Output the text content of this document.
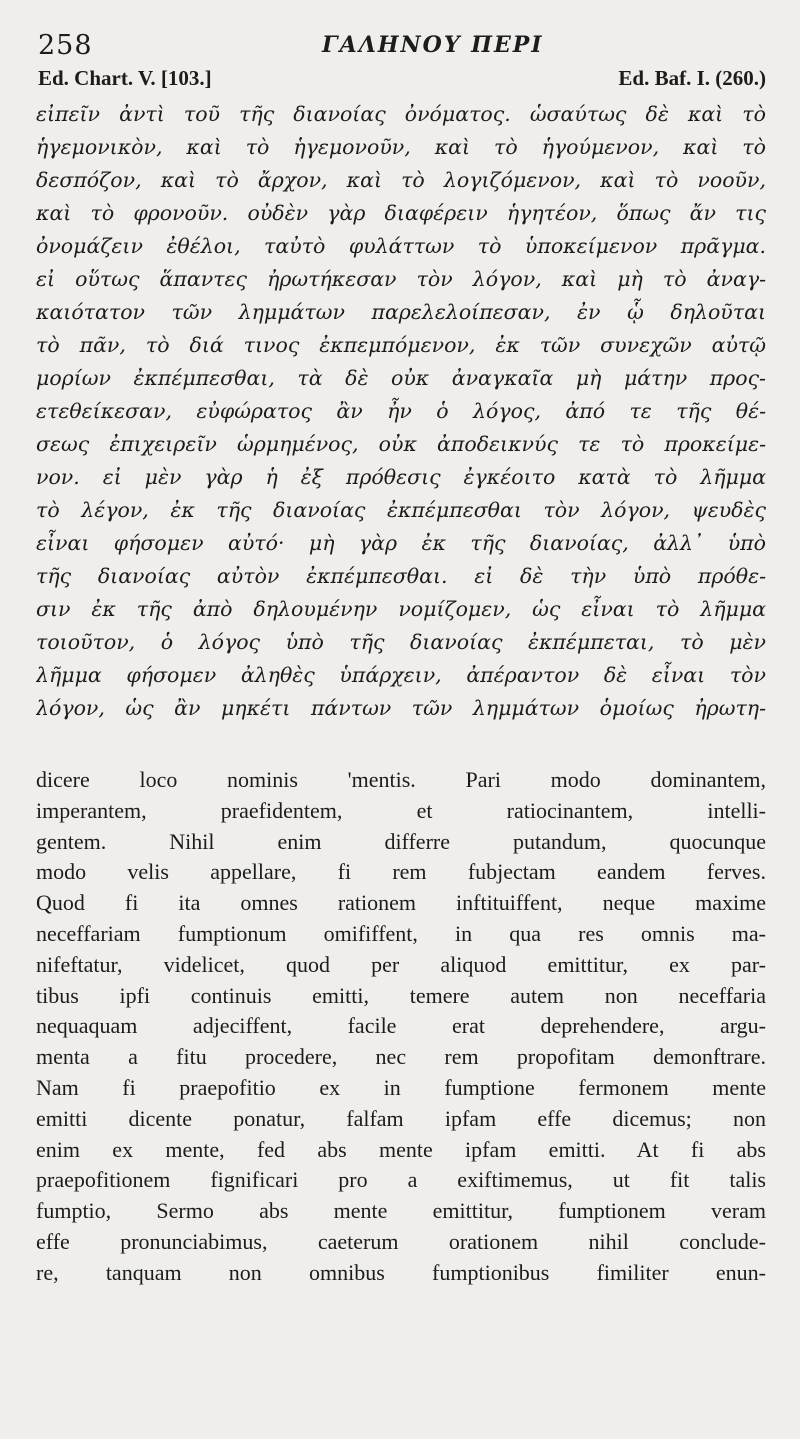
258	ΓΑΛΗΝΟΥ ΠΕΡΙ
Ed. Chart. V. [103.]	Ed. Baf. I. (260.)
εἰπεῖν ἀντὶ τοῦ τῆς διανοίας ὀνόματος. ὡσαύτως δὲ καὶ τὸ
ἡγεμονικὸν, καὶ τὸ ἡγεμονοῦν, καὶ τὸ ἡγούμενον, καὶ τὸ
δεσπόζον, καὶ τὸ ἄρχον, καὶ τὸ λογιζόμενον, καὶ τὸ νοοῦν,
καὶ τὸ φρονοῦν. οὐδὲν γὰρ διαφέρειν ἡγητέον, ὅπως ἄν τις
ὀνομάζειν ἐθέλοι, ταὐτὸ φυλάττων τὸ ὑποκείμενον πρᾶγμα.
εἰ οὕτως ἅπαντες ἠρωτήκεσαν τὸν λόγον, καὶ μὴ τὸ ἀναγ-
καιότατον τῶν λημμάτων παρελελοίπεσαν, ἐν ᾧ δηλοῦται
τὸ πᾶν, τὸ διά τινος ἐκπεμπόμενον, ἐκ τῶν συνεχῶν αὐτῷ
μορίων ἐκπέμπεσθαι, τὰ δὲ οὐκ ἀναγκαῖα μὴ μάτην προς-
ετεθείκεσαν, εὐφώρατος ἂν ἦν ὁ λόγος, ἀπό τε τῆς θέ-
σεως ἐπιχειρεῖν ὡρμημένος, οὐκ ἀποδεικνύς τε τὸ προκείμε-
νον. εἰ μὲν γὰρ ἡ ἐξ πρόθεσις ἐγκέοιτο κατὰ τὸ λῆμμα
τὸ λέγον, ἐκ τῆς διανοίας ἐκπέμπεσθαι τὸν λόγον, ψευδὲς
εἶναι φήσομεν αὐτό· μὴ γὰρ ἐκ τῆς διανοίας, ἀλλ᾽ ὑπὸ
τῆς διανοίας αὐτὸν ἐκπέμπεσθαι. εἰ δὲ τὴν ὑπὸ πρόθε-
σιν ἐκ τῆς ἀπὸ δηλουμένην νομίζομεν, ὡς εἶναι τὸ λῆμμα
τοιοῦτον, ὁ λόγος ὑπὸ τῆς διανοίας ἐκπέμπεται, τὸ μὲν
λῆμμα φήσομεν ἀληθὲς ὑπάρχειν, ἀπέραντον δὲ εἶναι τὸν
λόγον, ὡς ἂν μηκέτι πάντων τῶν λημμάτων ὁμοίως ἠρωτη-
dicere loco nominis 'mentis. Pari modo dominantem,
imperantem, praefidentem, et ratiocinantem, intelli-
gentem. Nihil enim differre putandum, quocunque
modo velis appellare, fi rem fubjectam eandem ferves.
Quod fi ita omnes rationem inftituiffent, neque maxime
neceffariam fumptionum omififfent, in qua res omnis ma-
nifeftatur, videlicet, quod per aliquod emittitur, ex par-
tibus ipfi continuis emitti, temere autem non neceffaria
nequaquam adjeciffent, facile erat deprehendere, argu-
menta a fitu procedere, nec rem propofitam demonftrare.
Nam fi praepofitio ex in fumptione fermonem mente
emitti dicente ponatur, falfam ipfam effe dicemus; non
enim ex mente, fed abs mente ipfam emitti. At fi abs
praepofitionem fignificari pro a exiftimemus, ut fit talis
fumptio, Sermo abs mente emittitur, fumptionem veram
effe pronunciabimus, caeterum orationem nihil conclude-
re, tanquam non omnibus fumptionibus fimiliter enun-
